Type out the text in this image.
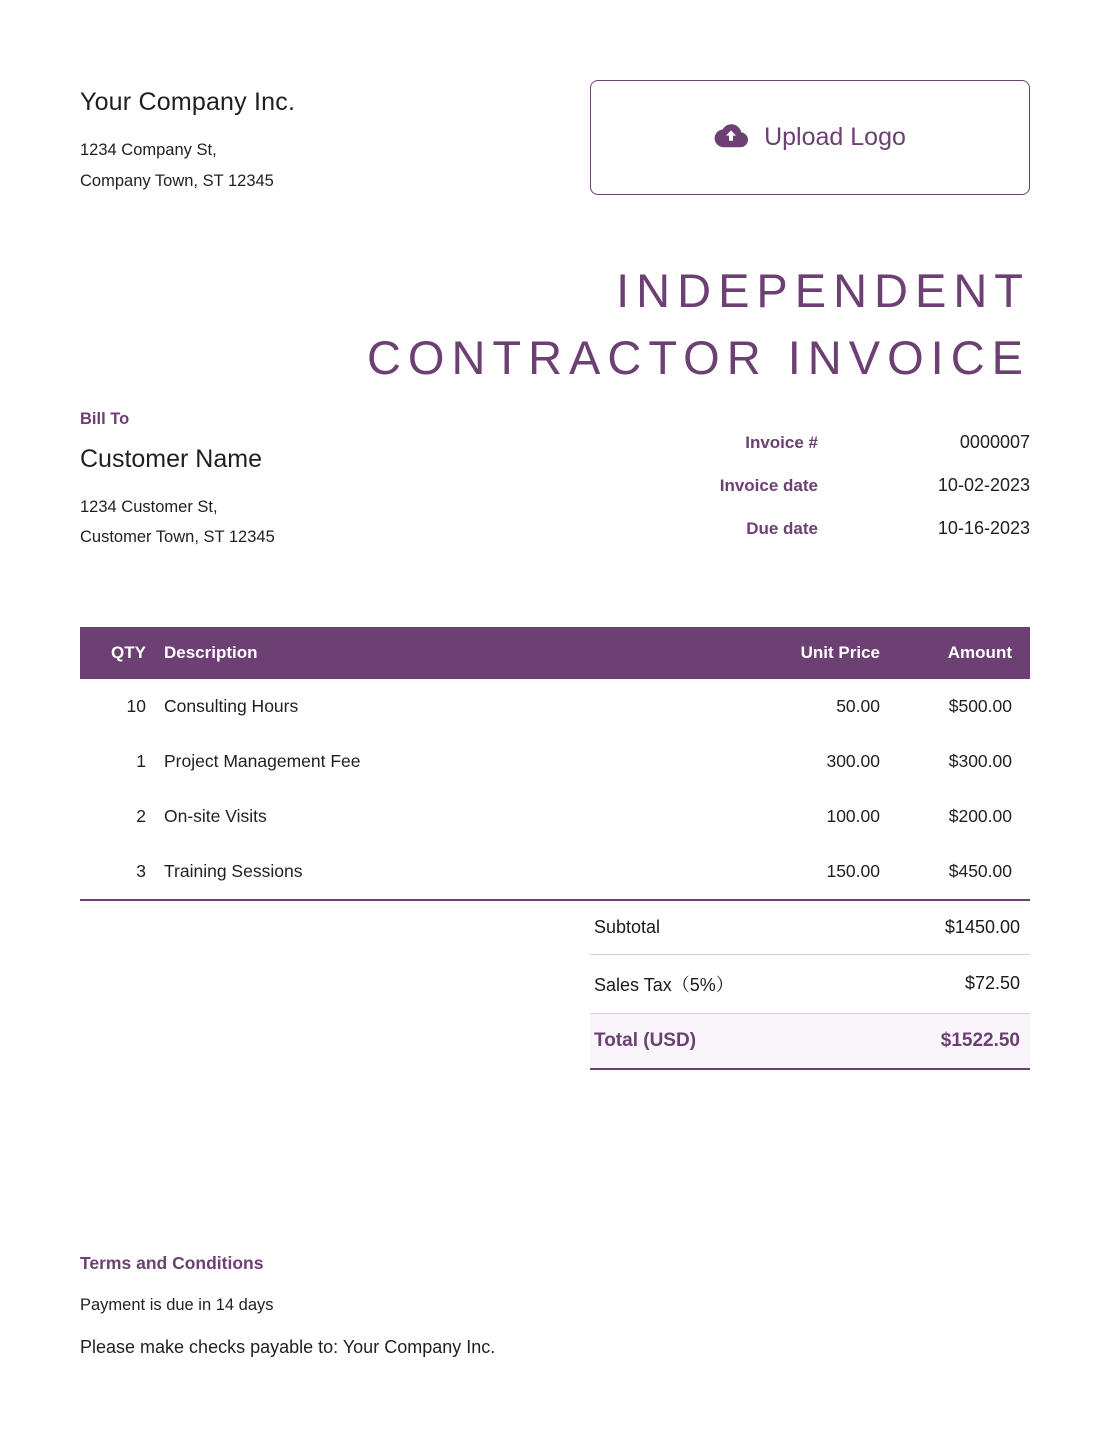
Your Company Inc.
1234 Company St,
Company Town, ST 12345
Upload Logo
INDEPENDENT
CONTRACTOR INVOICE
Bill To
Customer Name
1234 Customer St,
Customer Town, ST 12345
Invoice #	0000007
Invoice date	10-02-2023
Due date	10-16-2023
QTY	Description	Unit Price	Amount
10	Consulting Hours	50.00	$500.00
1	Project Management Fee	300.00	$300.00
2	On-site Visits	100.00	$200.00
3	Training Sessions	150.00	$450.00
Subtotal	$1450.00
Sales Tax（5%）	$72.50
Total (USD)	$1522.50
Terms and Conditions
Payment is due in 14 days
Please make checks payable to: Your Company Inc.
